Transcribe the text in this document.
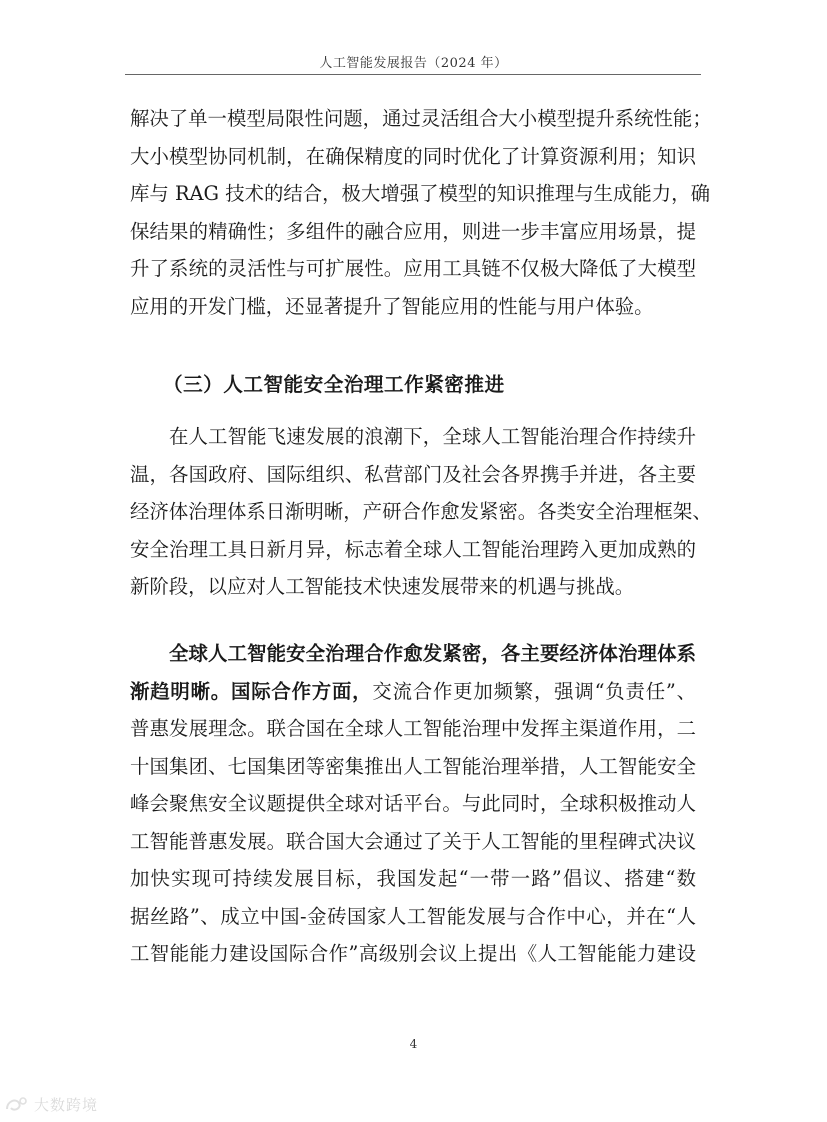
人工智能发展报告（2024 年）

解决了单一模型局限性问题，通过灵活组合大小模型提升系统性能；
大小模型协同机制，在确保精度的同时优化了计算资源利用；知识
库与 RAG 技术的结合，极大增强了模型的知识推理与生成能力，确
保结果的精确性；多组件的融合应用，则进一步丰富应用场景，提
升了系统的灵活性与可扩展性。应用工具链不仅极大降低了大模型
应用的开发门槛，还显著提升了智能应用的性能与用户体验。

（三）人工智能安全治理工作紧密推进

在人工智能飞速发展的浪潮下，全球人工智能治理合作持续升
温，各国政府、国际组织、私营部门及社会各界携手并进，各主要
经济体治理体系日渐明晰，产研合作愈发紧密。各类安全治理框架、
安全治理工具日新月异，标志着全球人工智能治理跨入更加成熟的
新阶段，以应对人工智能技术快速发展带来的机遇与挑战。

全球人工智能安全治理合作愈发紧密，各主要经济体治理体系
渐趋明晰。国际合作方面，交流合作更加频繁，强调“负责任”、
普惠发展理念。联合国在全球人工智能治理中发挥主渠道作用，二
十国集团、七国集团等密集推出人工智能治理举措，人工智能安全
峰会聚焦安全议题提供全球对话平台。与此同时，全球积极推动人
工智能普惠发展。联合国大会通过了关于人工智能的里程碑式决议
加快实现可持续发展目标，我国发起“一带一路”倡议、搭建“数
据丝路”、成立中国-金砖国家人工智能发展与合作中心，并在“人
工智能能力建设国际合作”高级别会议上提出《人工智能能力建设

4
大数跨境
